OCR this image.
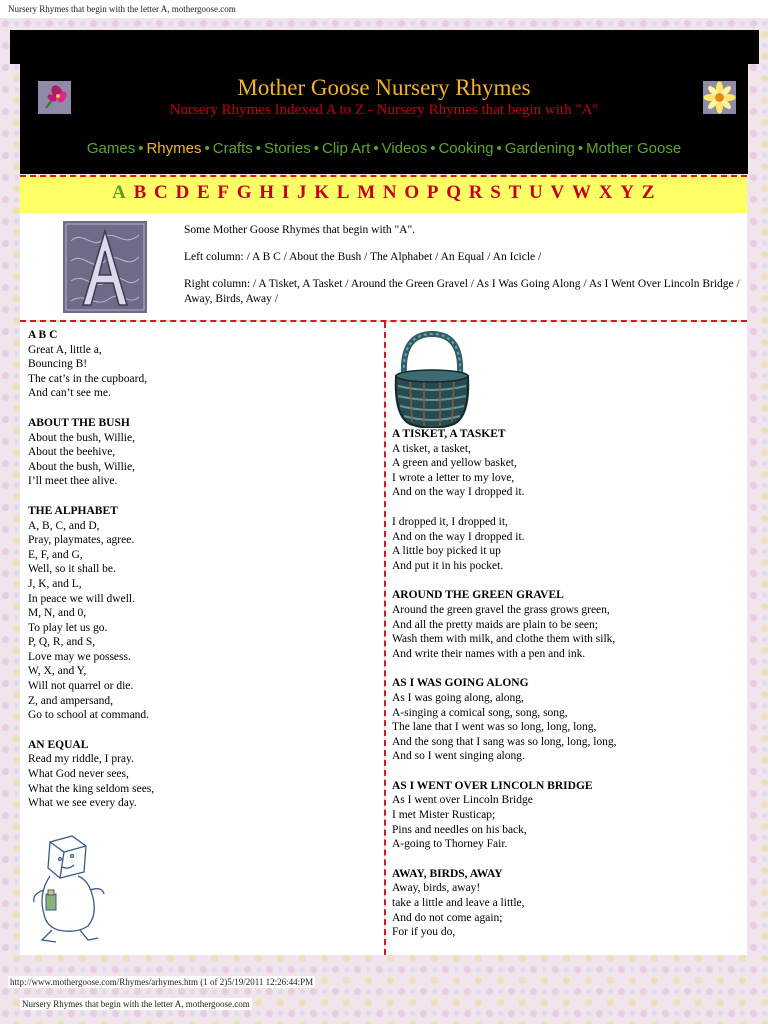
Nursery Rhymes that begin with the letter A, mothergoose.com
Mother Goose Nursery Rhymes
Nursery Rhymes Indexed A to Z - Nursery Rhymes that begin with "A"
Games • Rhymes • Crafts • Stories • Clip Art • Videos • Cooking • Gardening • Mother Goose
A B C D E F G H I J K L M N O P Q R S T U V W X Y Z

Some Mother Goose Rhymes that begin with "A".

Left column: / A B C / About the Bush / The Alphabet / An Equal / An Icicle /

Right column: / A Tisket, A Tasket / Around the Green Gravel / As I Was Going Along / As I Went Over Lincoln Bridge / Away, Birds, Away /

A B C
Great A, little a,
Bouncing B!
The cat’s in the cupboard,
And can’t see me.
ABOUT THE BUSH
About the bush, Willie,
About the beehive,
About the bush, Willie,
I’ll meet thee alive.
THE ALPHABET
A, B, C, and D,
Pray, playmates, agree.
E, F, and G,
Well, so it shall be.
J, K, and L,
In peace we will dwell.
M, N, and 0,
To play let us go.
P, Q, R, and S,
Love may we possess.
W, X, and Y,
Will not quarrel or die.
Z, and ampersand,
Go to school at command.
AN EQUAL
Read my riddle, I pray.
What God never sees,
What the king seldom sees,
What we see every day.
A TISKET, A TASKET
A tisket, a tasket,
A green and yellow basket,
I wrote a letter to my love,
And on the way I dropped it.
I dropped it, I dropped it,
And on the way I dropped it.
A little boy picked it up
And put it in his pocket.
AROUND THE GREEN GRAVEL
Around the green gravel the grass grows green,
And all the pretty maids are plain to be seen;
Wash them with milk, and clothe them with silk,
And write their names with a pen and ink.
AS I WAS GOING ALONG
As I was going along, along,
A-singing a comical song, song, song,
The lane that I went was so long, long, long,
And the song that I sang was so long, long, long,
And so I went singing along.
AS I WENT OVER LINCOLN BRIDGE
As I went over Lincoln Bridge
I met Mister Rusticap;
Pins and needles on his back,
A-going to Thorney Fair.
AWAY, BIRDS, AWAY
Away, birds, away!
take a little and leave a little,
And do not come again;
For if you do,
http://www.mothergoose.com/Rhymes/arhymes.htm (1 of 2)5/19/2011 12:26:44:PM
Nursery Rhymes that begin with the letter A, mothergoose.com
